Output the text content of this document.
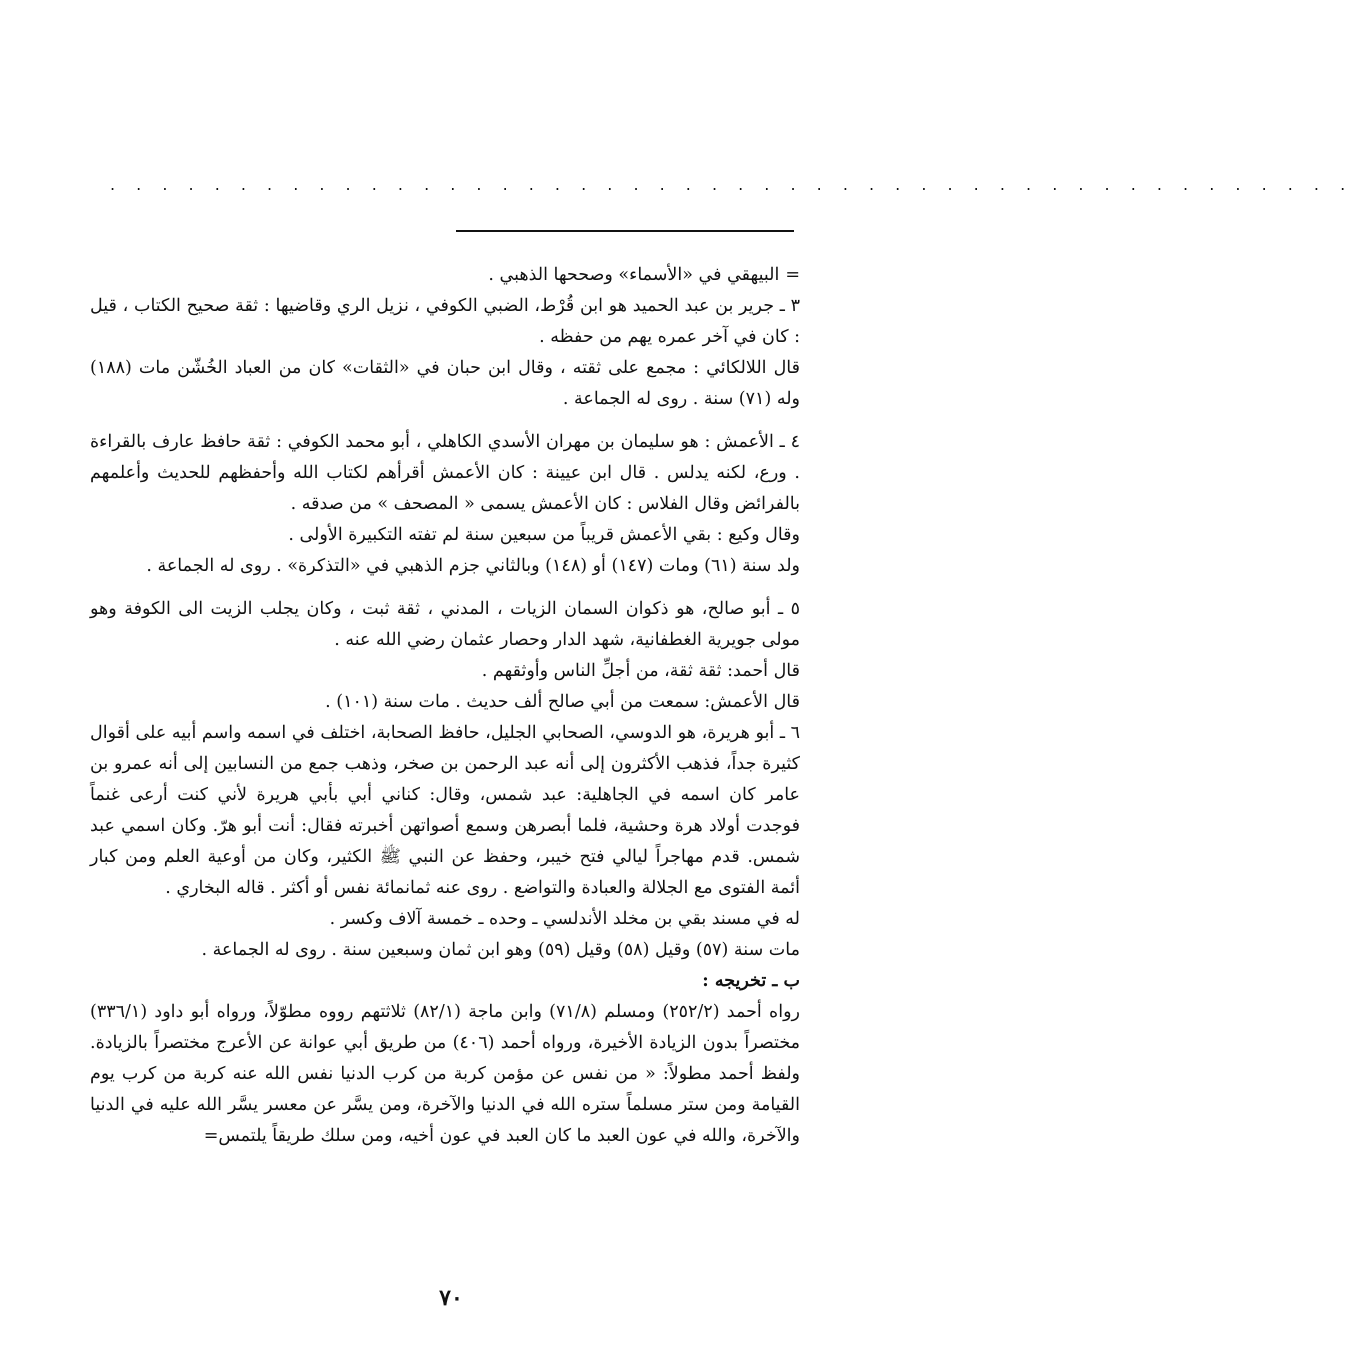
. . . . . . . . . . . . . . . . . . . . . . . . . . . . . . . . . . . . . . . . . . . . . . . .

=البيهقي في «الأسماء» وصححها الذهبي .

٣ ـ جرير بن عبد الحميد هو ابن قُرْط، الضبي الكوفي ، نزيل الري وقاضيها : ثقة صحيح الكتاب ، قيل : كان في آخر عمره يهم من حفظه .

قال اللالكائي : مجمع على ثقته ، وقال ابن حبان في «الثقات» كان من العباد الخُشّن مات (١٨٨) وله (٧١) سنة . روى له الجماعة .

٤ ـ الأعمش : هو سليمان بن مهران الأسدي الكاهلي ، أبو محمد الكوفي : ثقة حافظ عارف بالقراءة . ورع، لكنه يدلس . قال ابن عيينة : كان الأعمش أقرأهم لكتاب الله وأحفظهم للحديث وأعلمهم بالفرائض وقال الفلاس : كان الأعمش يسمى « المصحف » من صدقه .

وقال وكيع : بقي الأعمش قريباً من سبعين سنة لم تفته التكبيرة الأولى .

ولد سنة (٦١) ومات (١٤٧) أو (١٤٨) وبالثاني جزم الذهبي في «التذكرة» . روى له الجماعة .

٥ ـ أبو صالح، هو ذكوان السمان الزيات ، المدني ، ثقة ثبت ، وكان يجلب الزيت الى الكوفة وهو مولى جويرية الغطفانية، شهد الدار وحصار عثمان رضي الله عنه .

قال أحمد: ثقة ثقة، من أجلِّ الناس وأوثقهم .

قال الأعمش: سمعت من أبي صالح ألف حديث . مات سنة (١٠١) .

٦ ـ أبو هريرة، هو الدوسي، الصحابي الجليل، حافظ الصحابة، اختلف في اسمه واسم أبيه على أقوال كثيرة جداً، فذهب الأكثرون إلى أنه عبد الرحمن بن صخر، وذهب جمع من النسابين إلى أنه عمرو بن عامر كان اسمه في الجاهلية: عبد شمس، وقال: كناني أبي بأبي هريرة لأني كنت أرعى غنماً فوجدت أولاد هرة وحشية، فلما أبصرهن وسمع أصواتهن أخبرته فقال: أنت أبو هرّ. وكان اسمي عبد شمس. قدم مهاجراً ليالي فتح خيبر، وحفظ عن النبي ﷺ الكثير، وكان من أوعية العلم ومن كبار أئمة الفتوى مع الجلالة والعبادة والتواضع . روى عنه ثمانمائة نفس أو أكثر . قاله البخاري .

له في مسند بقي بن مخلد الأندلسي ـ وحده ـ خمسة آلاف وكسر .

مات سنة (٥٧) وقيل (٥٨) وقيل (٥٩) وهو ابن ثمان وسبعين سنة . روى له الجماعة .

ب ـ تخريجه :

رواه أحمد (٢٥٢/٢) ومسلم (٧١/٨) وابن ماجة (٨٢/١) ثلاثتهم رووه مطوّلاً، ورواه أبو داود (٣٣٦/١) مختصراً بدون الزيادة الأخيرة، ورواه أحمد (٤٠٦) من طريق أبي عوانة عن الأعرج مختصراً بالزيادة. ولفظ أحمد مطولاً: « من نفس عن مؤمن كربة من كرب الدنيا نفس الله عنه كربة من كرب يوم القيامة ومن ستر مسلماً ستره الله في الدنيا والآخرة، ومن يسَّر عن معسر يسَّر الله عليه في الدنيا والآخرة، والله في عون العبد ما كان العبد في عون أخيه، ومن سلك طريقاً يلتمس=

٧٠
